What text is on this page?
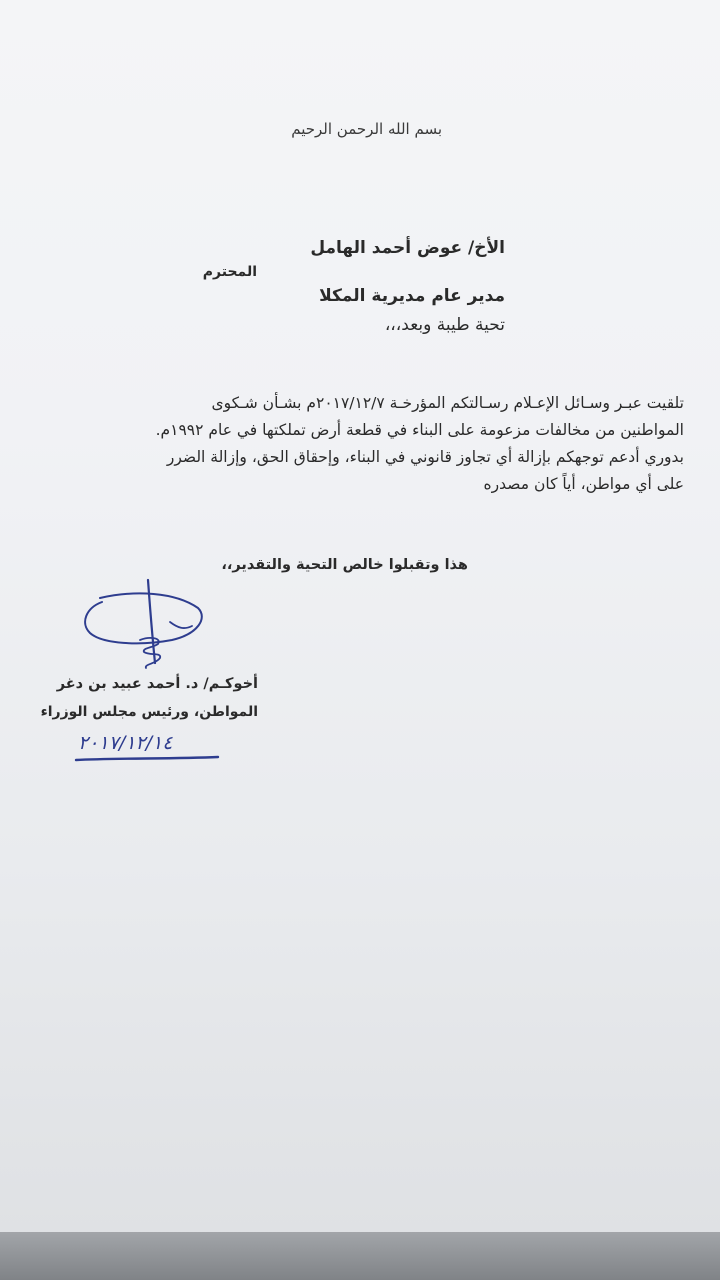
بسم الله الرحمن الرحيم

الأخ/ عوض أحمد الهامل

المحترم

مدير عام مديرية المكلا

تحية طيبة وبعد،،،

تلقيت عبـر وسـائل الإعـلام رسـالتكم المؤرخـة ٢٠١٧/١٢/٧م بشـأن شـكوى

المواطنين من مخالفات مزعومة على البناء في قطعة أرض تملكتها في عام ١٩٩٢م.

بدوري أدعم توجهكم بإزالة أي تجاوز قانوني في البناء، وإحقاق الحق، وإزالة الضرر

على أي مواطن، أياً كان مصدره

هذا وتقبلوا خالص التحية والتقدير،،

أخوكـم/ د. أحمد عبيد بن دغر

المواطن، ورئيس مجلس الوزراء

٢٠١٧/١٢/١٤
